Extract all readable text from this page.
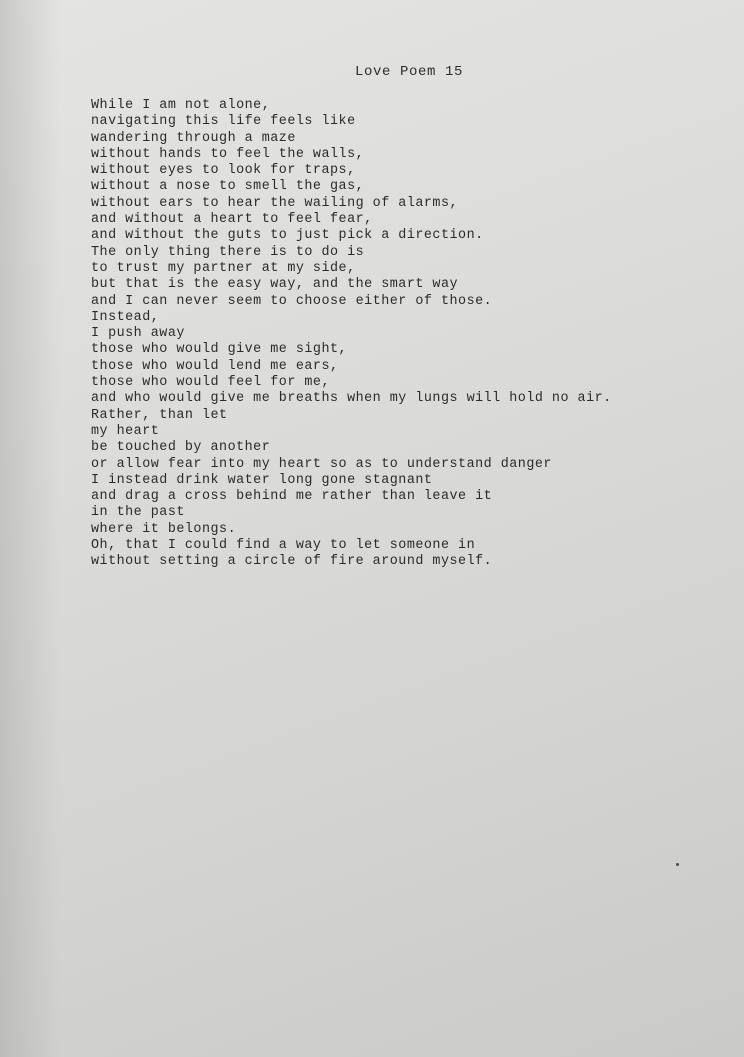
Love Poem 15
While I am not alone,
navigating this life feels like
wandering through a maze
without hands to feel the walls,
without eyes to look for traps,
without a nose to smell the gas,
without ears to hear the wailing of alarms,
and without a heart to feel fear,
and without the guts to just pick a direction.
The only thing there is to do is
to trust my partner at my side,
but that is the easy way, and the smart way
and I can never seem to choose either of those.
Instead,
I push away
those who would give me sight,
those who would lend me ears,
those who would feel for me,
and who would give me breaths when my lungs will hold no air.
Rather, than let
my heart
be touched by another
or allow fear into my heart so as to understand danger
I instead drink water long gone stagnant
and drag a cross behind me rather than leave it
in the past
where it belongs.
Oh, that I could find a way to let someone in
without setting a circle of fire around myself.
